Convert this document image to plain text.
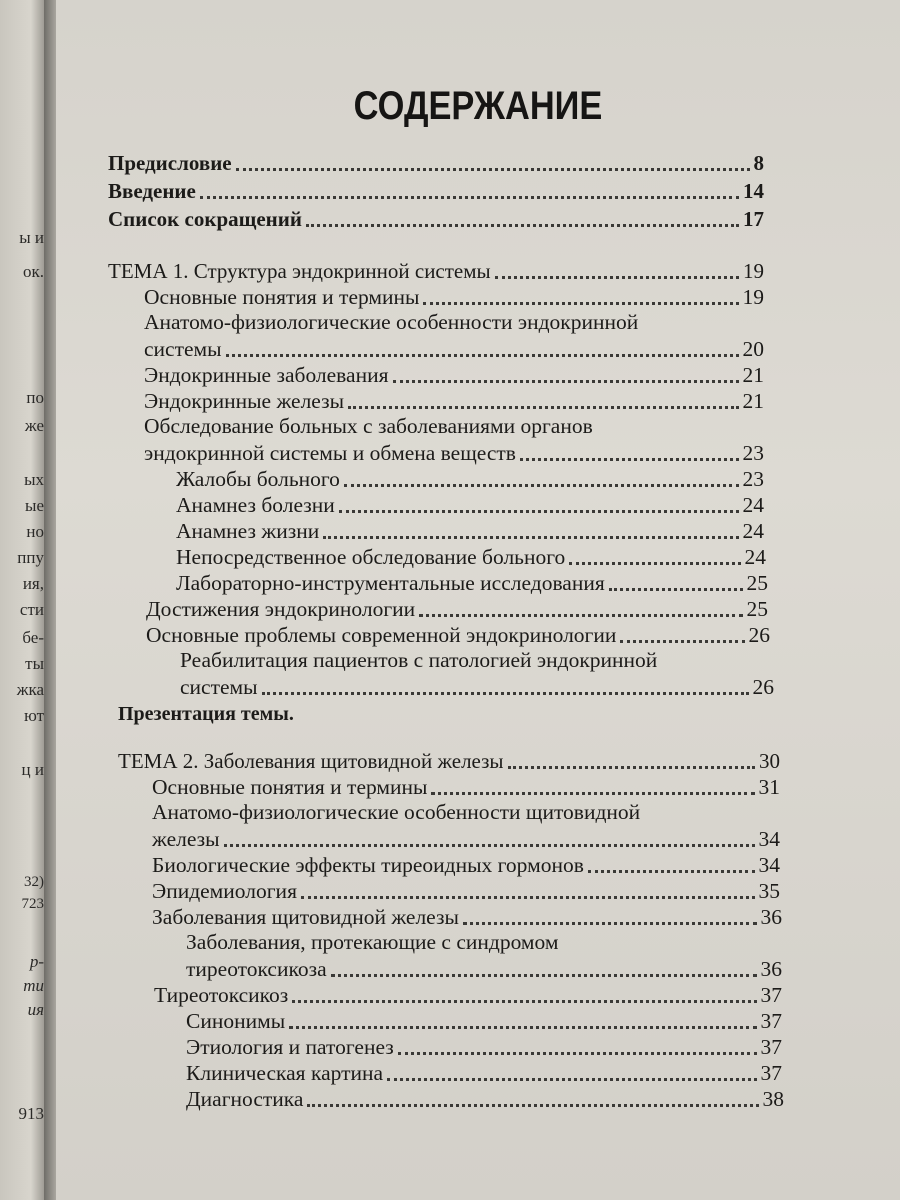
ы и
ок.
по
же
ых
ые
но
ппу
ия,
сти
бе-
ты
жка
ют
ц и
32)
723
р-
ти
ия
913
СОДЕРЖАНИЕ
Предисловие	8
Введение	14
Список сокращений	17
ТЕМА 1. Структура эндокринной системы	19
Основные понятия и термины	19
Анатомо-физиологические особенности эндокринной
системы	20
Эндокринные заболевания	21
Эндокринные железы	21
Обследование больных с заболеваниями органов
эндокринной системы и обмена веществ	23
Жалобы больного	23
Анамнез болезни	24
Анамнез жизни	24
Непосредственное обследование больного	24
Лабораторно-инструментальные исследования	25
Достижения эндокринологии	25
Основные проблемы современной эндокринологии	26
Реабилитация пациентов с патологией эндокринной
системы	26
Презентация темы.
ТЕМА 2. Заболевания щитовидной железы	30
Основные понятия и термины	31
Анатомо-физиологические особенности щитовидной
железы	34
Биологические эффекты тиреоидных гормонов	34
Эпидемиология	35
Заболевания щитовидной железы	36
Заболевания, протекающие с синдромом
тиреотоксикоза	36
Тиреотоксикоз	37
Синонимы	37
Этиология и патогенез	37
Клиническая картина	37
Диагностика	38
